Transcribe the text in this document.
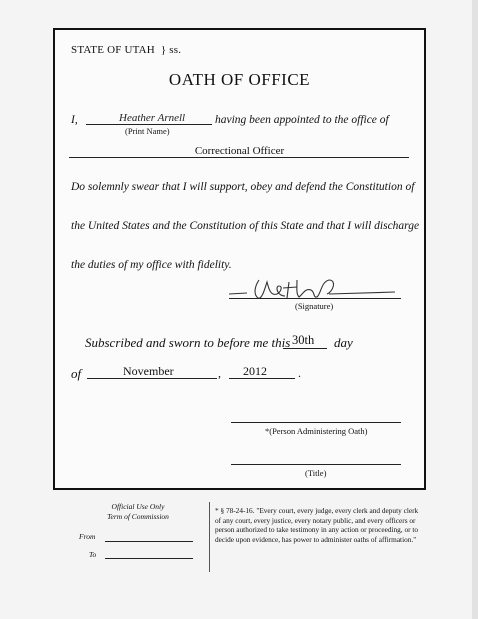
STATE OF UTAH } ss.
OATH OF OFFICE
I,	Heather Arnell	having been appointed to the office of
(Print Name)
Correctional Officer
Do solemnly swear that I will support, obey and defend the Constitution of
the United States and the Constitution of this State and that I will discharge
the duties of my office with fidelity.
(Signature)
Subscribed and sworn to before me this 30th day
of	November	, 2012	.
*(Person Administering Oath)
(Title)
Official Use Only
Term of Commission
From
To
* § 78-24-16. "Every court, every judge, every clerk and deputy clerk of any court, every justice, every notary public, and every officers or person authorized to take testimony in any action or proceeding, or to decide upon evidence, has power to administer oaths of affirmation."
